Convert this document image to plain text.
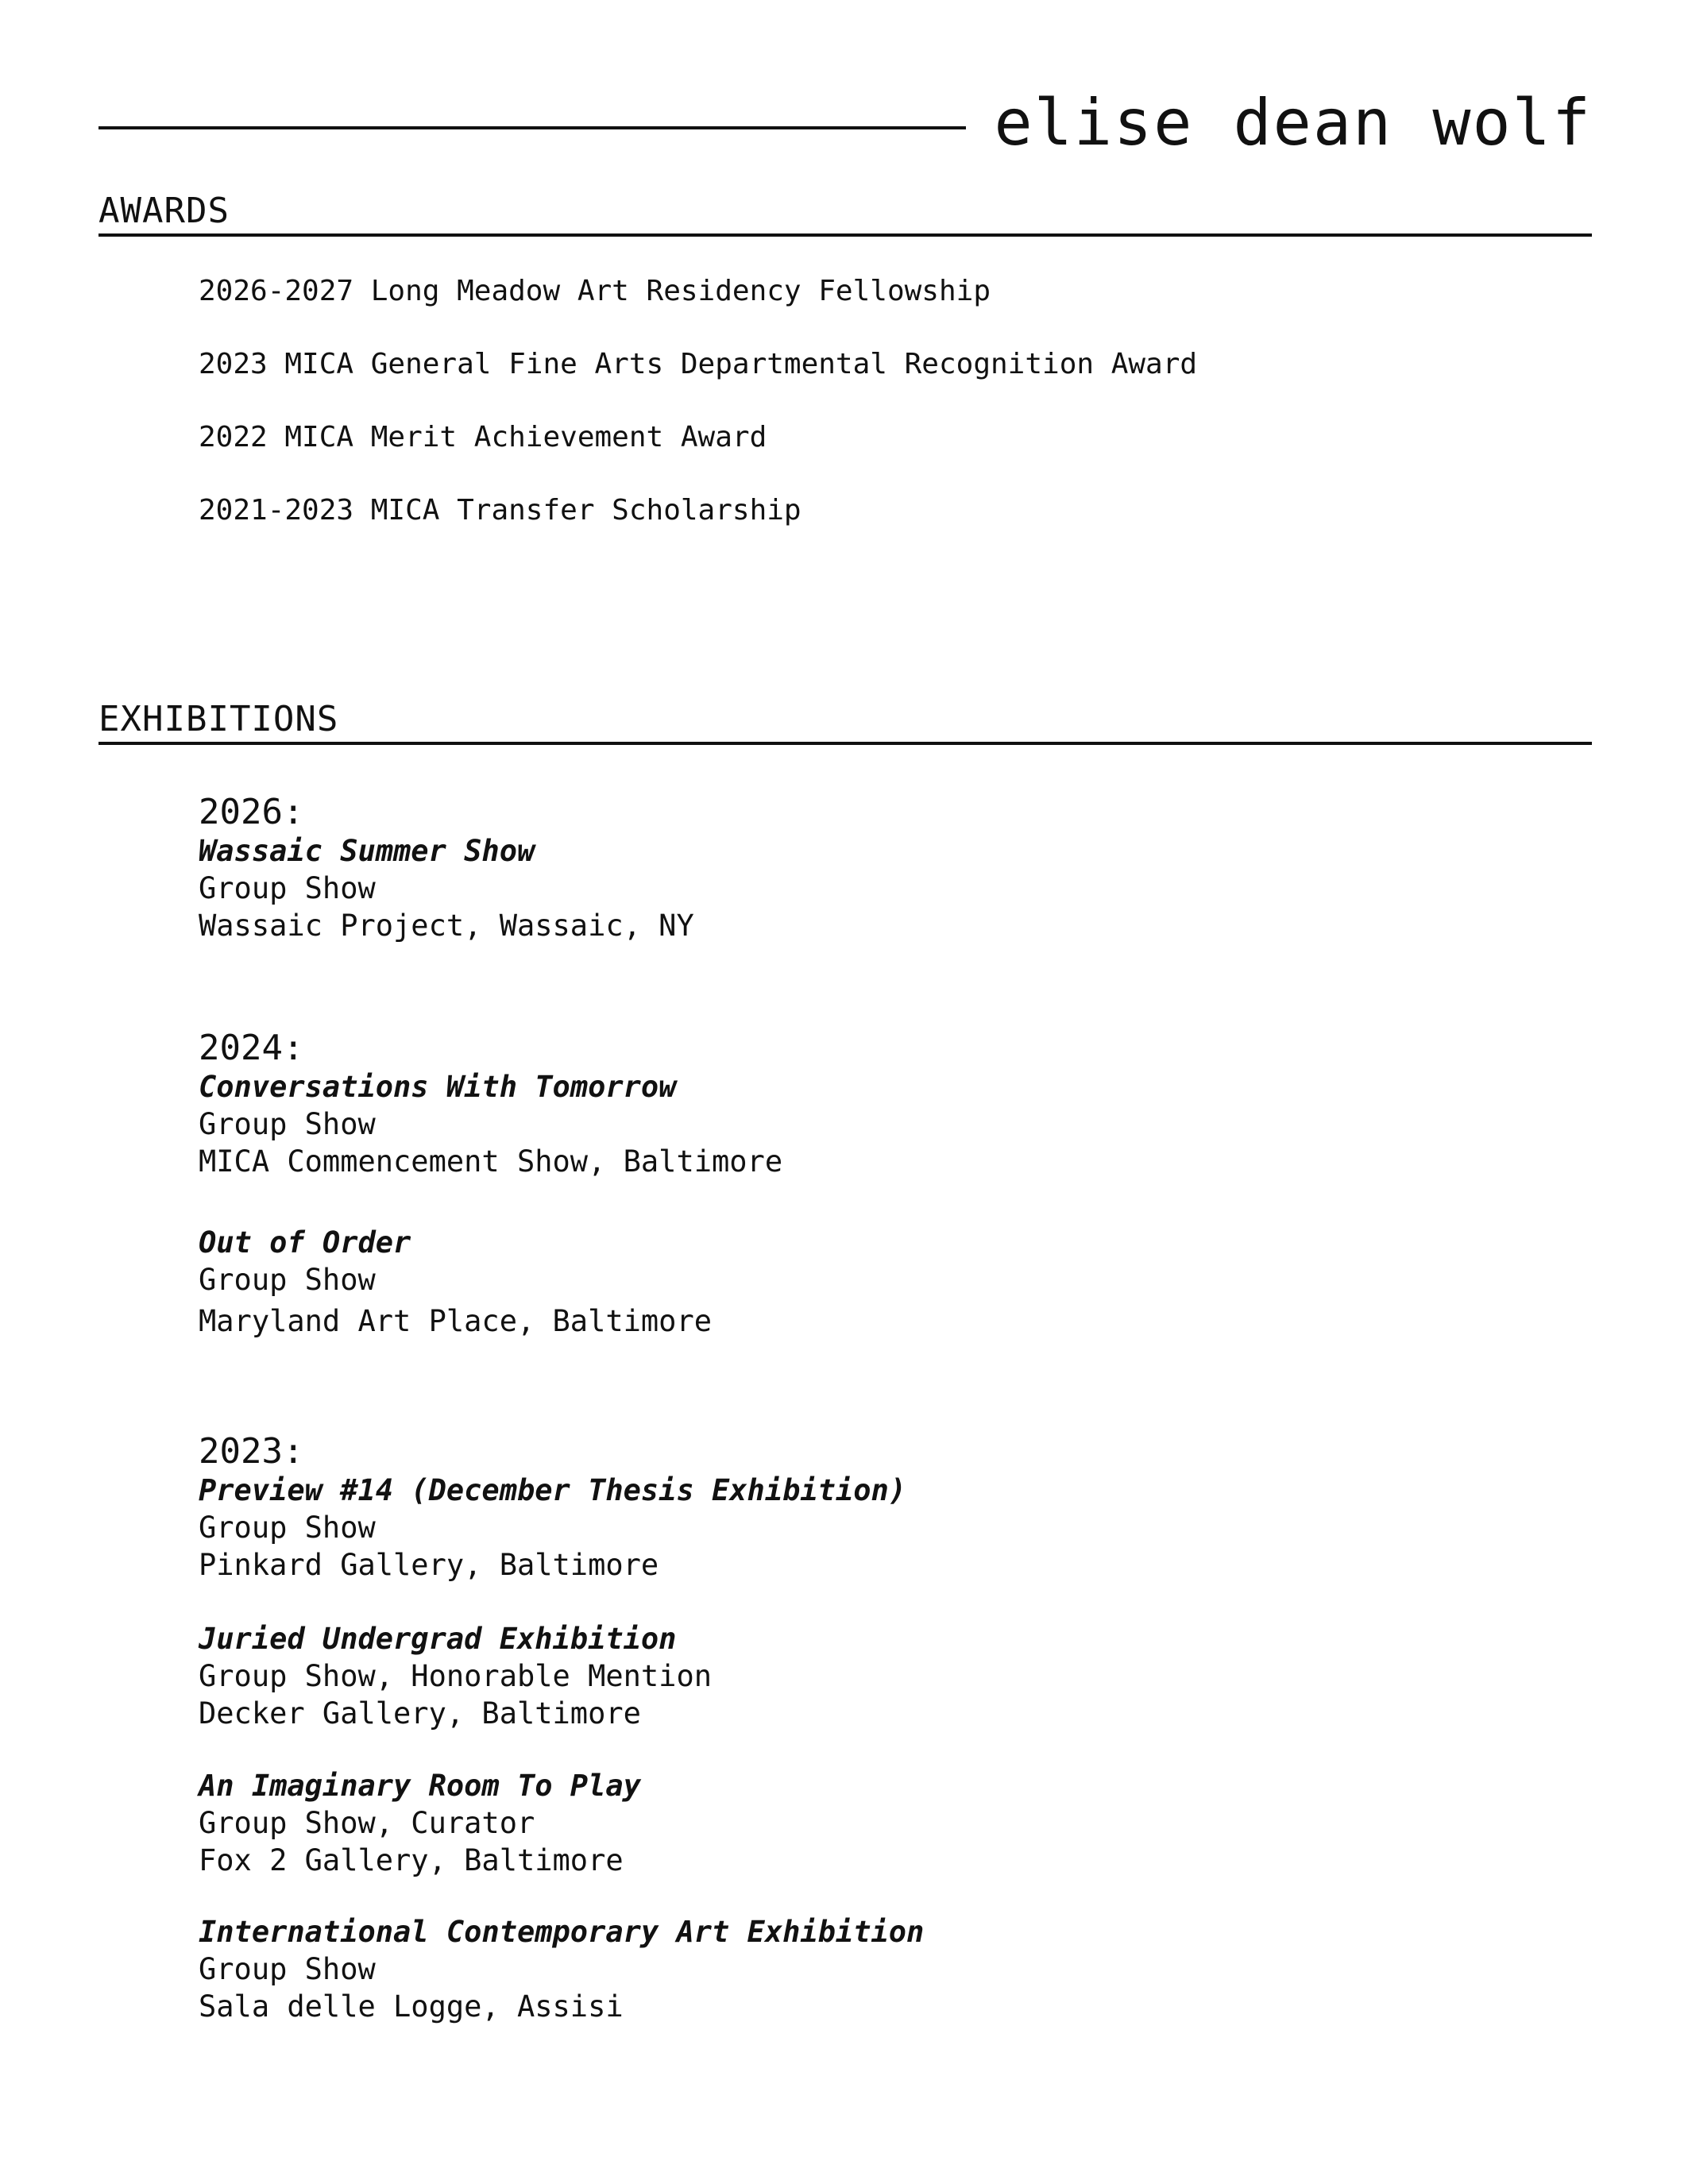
elise dean wolf
AWARDS
2026-2027 Long Meadow Art Residency Fellowship
2023 MICA General Fine Arts Departmental Recognition Award
2022 MICA Merit Achievement Award
2021-2023 MICA Transfer Scholarship
EXHIBITIONS
2026:
Wassaic Summer Show
Group Show
Wassaic Project, Wassaic, NY
2024:
Conversations With Tomorrow
Group Show
MICA Commencement Show, Baltimore
Out of Order
Group Show
Maryland Art Place, Baltimore
2023:
Preview #14 (December Thesis Exhibition)
Group Show
Pinkard Gallery, Baltimore
Juried Undergrad Exhibition
Group Show, Honorable Mention
Decker Gallery, Baltimore
An Imaginary Room To Play
Group Show, Curator
Fox 2 Gallery, Baltimore
International Contemporary Art Exhibition
Group Show
Sala delle Logge, Assisi
